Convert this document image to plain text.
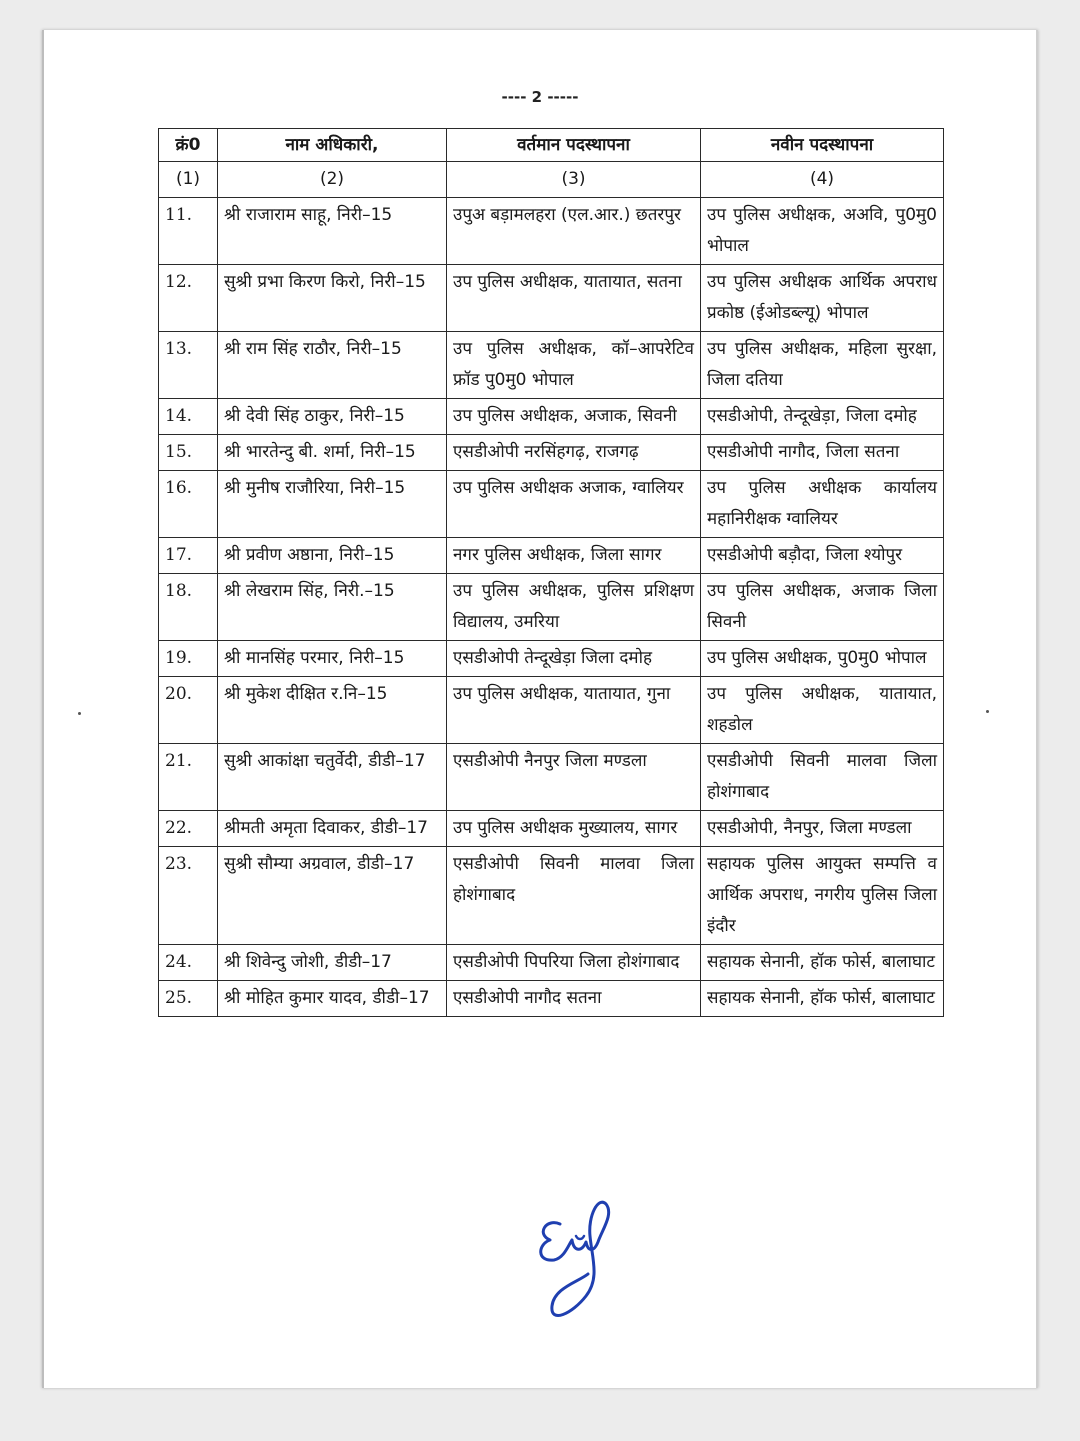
---- 2 -----
क्रं0	नाम अधिकारी,	वर्तमान पदस्थापना	नवीन पदस्थापना
(1)	(2)	(3)	(4)
11.	श्री राजाराम साहू, निरी–15	उपुअ बड़ामलहरा (एल.आर.) छतरपुर	उप पुलिस अधीक्षक, अअवि, पु0मु0 भोपाल
12.	सुश्री प्रभा किरण किरो, निरी–15	उप पुलिस अधीक्षक, यातायात, सतना	उप पुलिस अधीक्षक आर्थिक अपराध प्रकोष्ठ (ईओडब्ल्यू) भोपाल
13.	श्री राम सिंह राठौर, निरी–15	उप पुलिस अधीक्षक, कॉ–आपरेटिव फ्रॉड पु0मु0 भोपाल	उप पुलिस अधीक्षक, महिला सुरक्षा, जिला दतिया
14.	श्री देवी सिंह ठाकुर, निरी–15	उप पुलिस अधीक्षक, अजाक, सिवनी	एसडीओपी, तेन्दूखेड़ा, जिला दमोह
15.	श्री भारतेन्दु बी. शर्मा, निरी–15	एसडीओपी नरसिंहगढ़, राजगढ़	एसडीओपी नागौद, जिला सतना
16.	श्री मुनीष राजौरिया, निरी–15	उप पुलिस अधीक्षक अजाक, ग्वालियर	उप पुलिस अधीक्षक कार्यालय महानिरीक्षक ग्वालियर
17.	श्री प्रवीण अष्ठाना, निरी–15	नगर पुलिस अधीक्षक, जिला सागर	एसडीओपी बड़ौदा, जिला श्योपुर
18.	श्री लेखराम सिंह, निरी.–15	उप पुलिस अधीक्षक, पुलिस प्रशिक्षण विद्यालय, उमरिया	उप पुलिस अधीक्षक, अजाक जिला सिवनी
19.	श्री मानसिंह परमार, निरी–15	एसडीओपी तेन्दूखेड़ा जिला दमोह	उप पुलिस अधीक्षक, पु0मु0 भोपाल
20.	श्री मुकेश दीक्षित र.नि–15	उप पुलिस अधीक्षक, यातायात, गुना	उप पुलिस अधीक्षक, यातायात, शहडोल
21.	सुश्री आकांक्षा चतुर्वेदी, डीडी–17	एसडीओपी नैनपुर जिला मण्डला	एसडीओपी सिवनी मालवा जिला होशंगाबाद
22.	श्रीमती अमृता दिवाकर, डीडी–17	उप पुलिस अधीक्षक मुख्यालय, सागर	एसडीओपी, नैनपुर, जिला मण्डला
23.	सुश्री सौम्या अग्रवाल, डीडी–17	एसडीओपी सिवनी मालवा जिला होशंगाबाद	सहायक पुलिस आयुक्त सम्पत्ति व आर्थिक अपराध, नगरीय पुलिस जिला इंदौर
24.	श्री शिवेन्दु जोशी, डीडी–17	एसडीओपी पिपरिया जिला होशंगाबाद	सहायक सेनानी, हॉक फोर्स, बालाघाट
25.	श्री मोहित कुमार यादव, डीडी–17	एसडीओपी नागौद सतना	सहायक सेनानी, हॉक फोर्स, बालाघाट
